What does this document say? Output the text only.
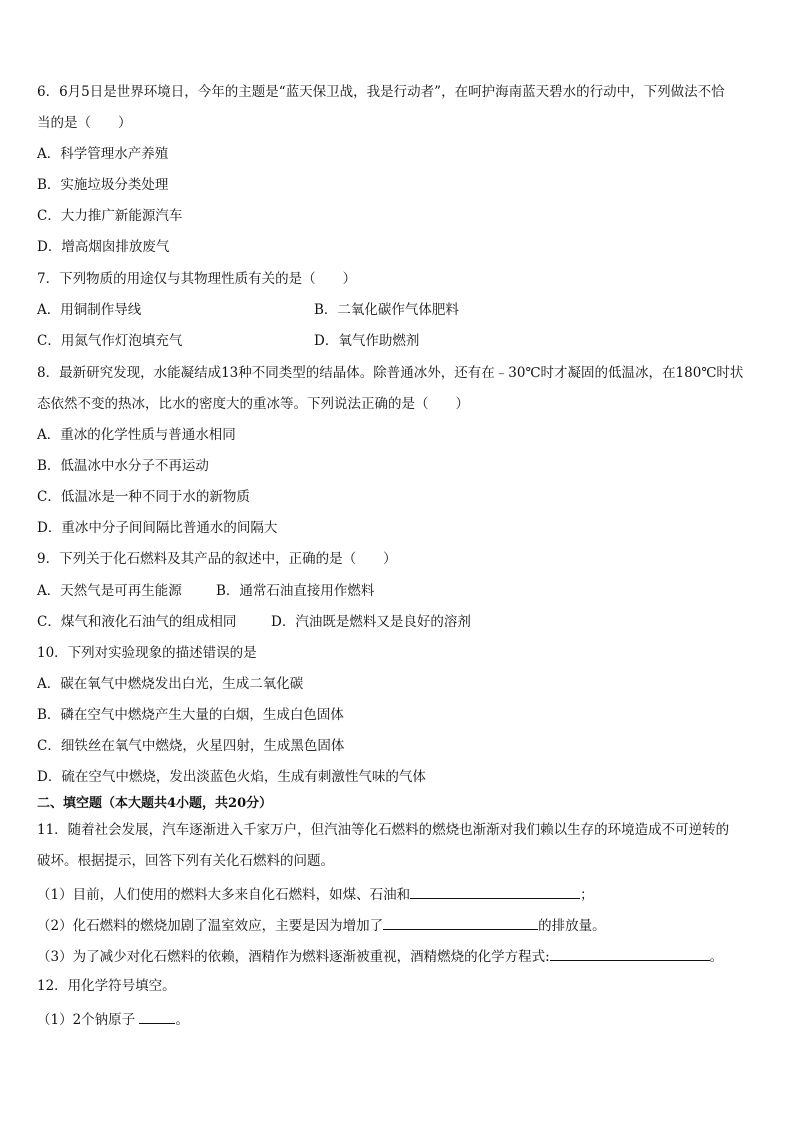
6．6月5日是世界环境日，今年的主题是“蓝天保卫战，我是行动者”，在呵护海南蓝天碧水的行动中，下列做法不恰
当的是（　　）
A．科学管理水产养殖
B．实施垃圾分类处理
C．大力推广新能源汽车
D．增高烟囱排放废气
7．下列物质的用途仅与其物理性质有关的是（　　）
A．用铜制作导线	B．二氧化碳作气体肥料
C．用氮气作灯泡填充气	D．氧气作助燃剂
8．最新研究发现，水能凝结成13种不同类型的结晶体。除普通冰外，还有在﹣30℃时才凝固的低温冰，在180℃时状
态依然不变的热冰，比水的密度大的重冰等。下列说法正确的是（　　）
A．重冰的化学性质与普通水相同
B．低温冰中水分子不再运动
C．低温冰是一种不同于水的新物质
D．重冰中分子间间隔比普通水的间隔大
9．下列关于化石燃料及其产品的叙述中，正确的是（　　）
A．天然气是可再生能源	B．通常石油直接用作燃料
C．煤气和液化石油气的组成相同	D．汽油既是燃料又是良好的溶剂
10．下列对实验现象的描述错误的是
A．碳在氧气中燃烧发出白光，生成二氧化碳
B．磷在空气中燃烧产生大量的白烟，生成白色固体
C．细铁丝在氧气中燃烧，火星四射，生成黑色固体
D．硫在空气中燃烧，发出淡蓝色火焰，生成有刺激性气味的气体
二、填空题（本大题共4小题，共20分）
11．随着社会发展，汽车逐渐进入千家万户，但汽油等化石燃料的燃烧也渐渐对我们赖以生存的环境造成不可逆转的
破坏。根据提示，回答下列有关化石燃料的问题。
（1）目前，人们使用的燃料大多来自化石燃料，如煤、石油和	；
（2）化石燃料的燃烧加剧了温室效应，主要是因为增加了	的排放量。
（3）为了减少对化石燃料的依赖，酒精作为燃料逐渐被重视，酒精燃烧的化学方程式:	。
12．用化学符号填空。
（1）2个钠原子	。
